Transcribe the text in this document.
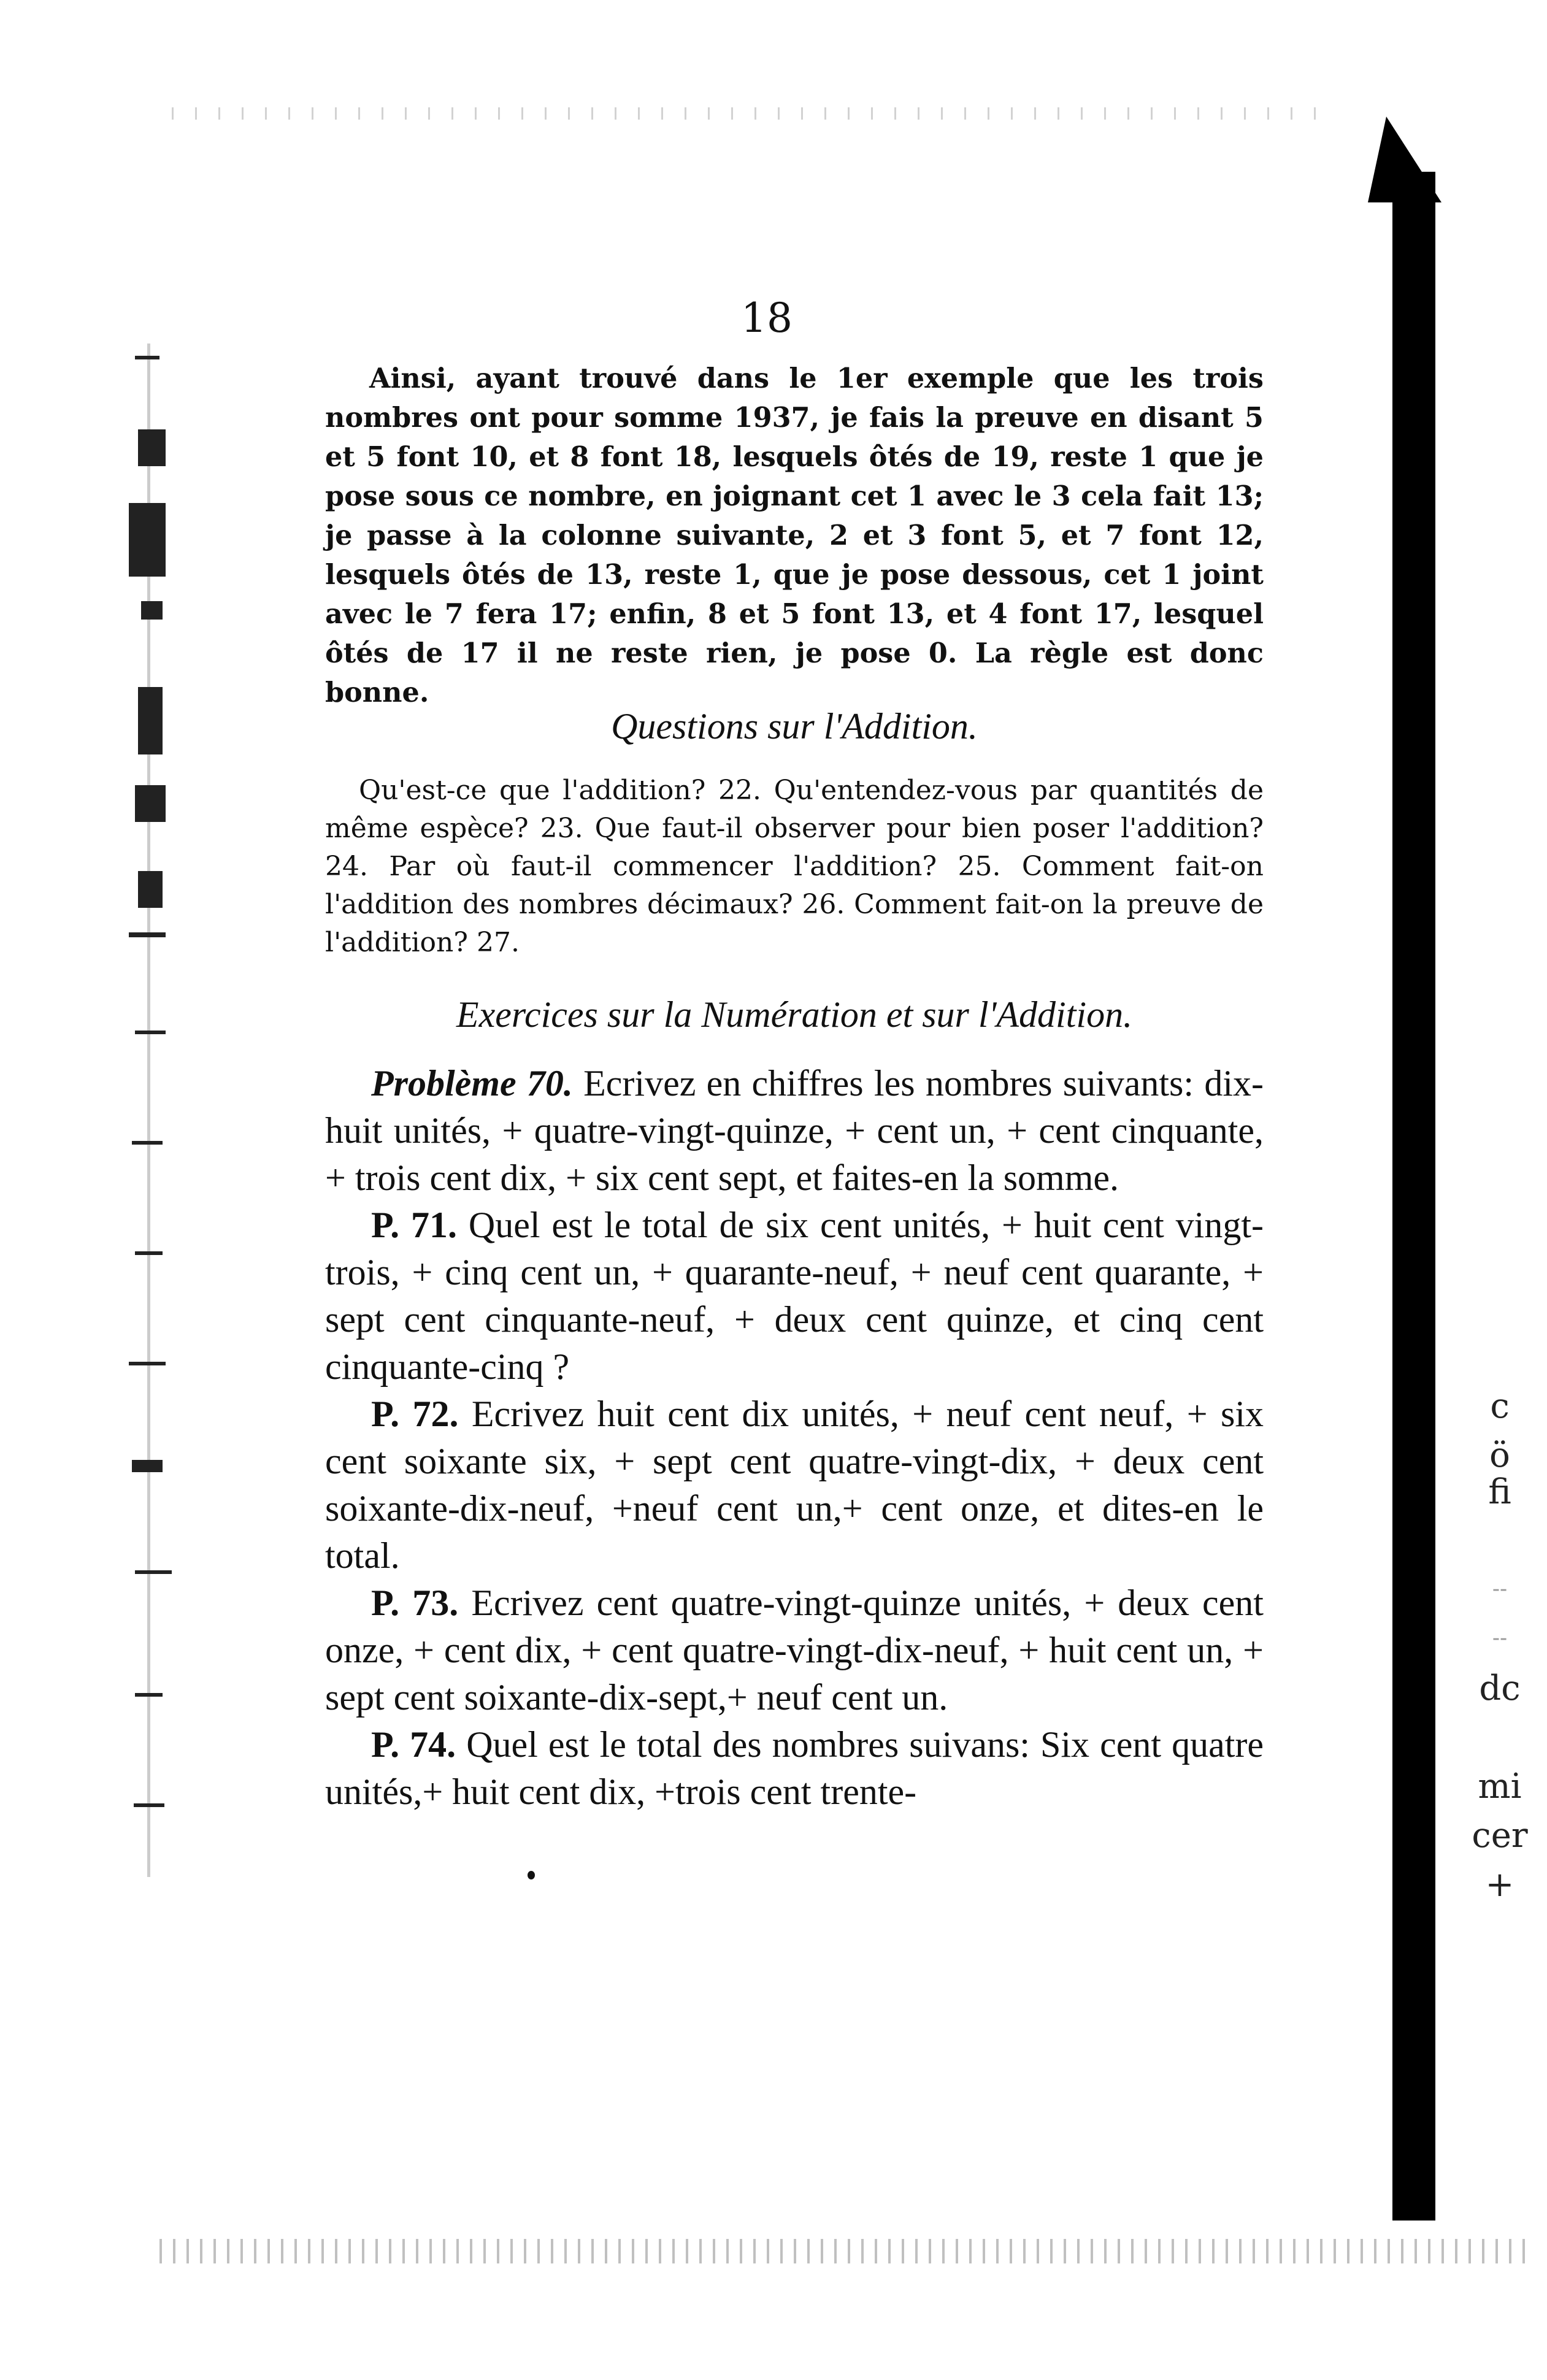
c
ö
fi
--
--
dc
mi
cer
+
18

Ainsi, ayant trouvé dans le 1er exemple que les trois nombres ont pour somme 1937, je fais la preuve en disant 5 et 5 font 10, et 8 font 18, lesquels ôtés de 19, reste 1 que je pose sous ce nombre, en joignant cet 1 avec le 3 cela fait 13; je passe à la colonne suivante, 2 et 3 font 5, et 7 font 12, lesquels ôtés de 13, reste 1, que je pose dessous, cet 1 joint avec le 7 fera 17; enfin, 8 et 5 font 13, et 4 font 17, lesquel ôtés de 17 il ne reste rien, je pose 0. La règle est donc bonne.

Questions sur l'Addition.

Qu'est-ce que l'addition? 22. Qu'entendez-vous par quantités de même espèce? 23. Que faut-il observer pour bien poser l'addition? 24. Par où faut-il commencer l'addition? 25. Comment fait-on l'addition des nombres décimaux? 26. Comment fait-on la preuve de l'addition? 27.

Exercices sur la Numération et sur l'Addition.

Problème 70. Ecrivez en chiffres les nombres suivants: dix-huit unités, + quatre-vingt-quinze, + cent un, + cent cinquante, + trois cent dix, + six cent sept, et faites-en la somme.

P. 71. Quel est le total de six cent unités, + huit cent vingt-trois, + cinq cent un, + quarante-neuf, + neuf cent quarante, + sept cent cinquante-neuf, + deux cent quinze, et cinq cent cinquante-cinq ?

P. 72. Ecrivez huit cent dix unités, + neuf cent neuf, + six cent soixante six, + sept cent quatre-vingt-dix, + deux cent soixante-dix-neuf, +neuf cent un,+ cent onze, et dites-en le total.

P. 73. Ecrivez cent quatre-vingt-quinze unités, + deux cent onze, + cent dix, + cent quatre-vingt-dix-neuf, + huit cent un, + sept cent soixante-dix-sept,+ neuf cent un.

P. 74. Quel est le total des nombres suivans: Six cent quatre unités,+ huit cent dix, +trois cent trente-
